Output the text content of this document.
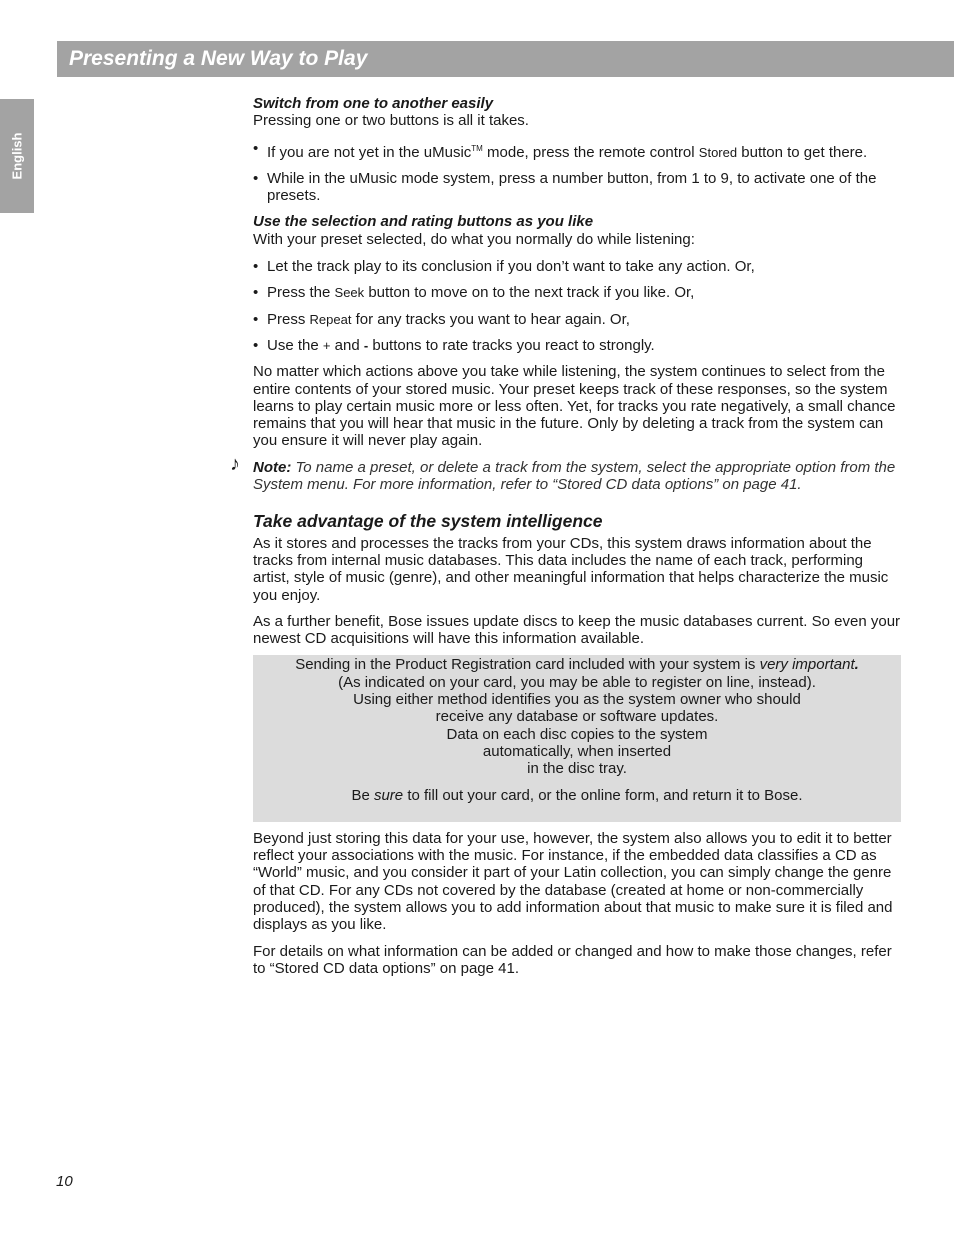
Presenting a New Way to Play
English

Switch from one to another easily

Pressing one or two buttons is all it takes.

• If you are not yet in the uMusic™ mode, press the remote control Stored button to get there.
• While in the uMusic mode system, press a number button, from 1 to 9, to activate one of the presets.

Use the selection and rating buttons as you like

With your preset selected, do what you normally do while listening:

• Let the track play to its conclusion if you don’t want to take any action. Or,
• Press the Seek button to move on to the next track if you like. Or,
• Press Repeat for any tracks you want to hear again. Or,
• Use the + and - buttons to rate tracks you react to strongly.

No matter which actions above you take while listening, the system continues to select from the entire contents of your stored music. Your preset keeps track of these responses, so the system learns to play certain music more or less often. Yet, for tracks you rate negatively, a small chance remains that you will hear that music in the future. Only by deleting a track from the system can you ensure it will never play again.

♪ Note: To name a preset, or delete a track from the system, select the appropriate option from the System menu. For more information, refer to “Stored CD data options” on page 41.

Take advantage of the system intelligence

As it stores and processes the tracks from your CDs, this system draws information about the tracks from internal music databases. This data includes the name of each track, performing artist, style of music (genre), and other meaningful information that helps characterize the music you enjoy.

As a further benefit, Bose issues update discs to keep the music databases current. So even your newest CD acquisitions will have this information available.

Sending in the Product Registration card included with your system is very important.

(As indicated on your card, you may be able to register on line, instead).

Using either method identifies you as the system owner who should

receive any database or software updates.

Data on each disc copies to the system

automatically, when inserted

in the disc tray.

Be sure to fill out your card, or the online form, and return it to Bose.

Beyond just storing this data for your use, however, the system also allows you to edit it to better reflect your associations with the music. For instance, if the embedded data classifies a CD as “World” music, and you consider it part of your Latin collection, you can simply change the genre of that CD. For any CDs not covered by the database (created at home or non-commercially produced), the system allows you to add information about that music to make sure it is filed and displays as you like.

For details on what information can be added or changed and how to make those changes, refer to “Stored CD data options” on page 41.

10
